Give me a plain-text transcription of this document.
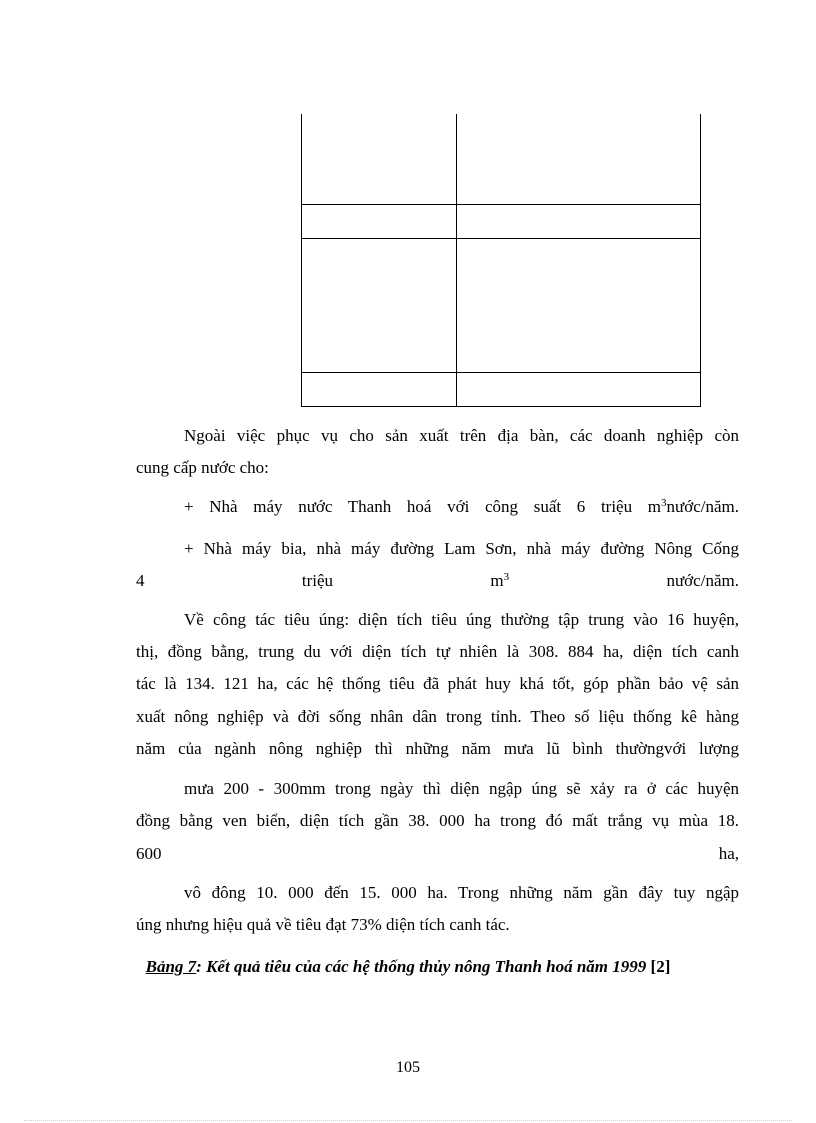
Ngoài việc phục vụ cho sản xuất trên địa bàn, các doanh nghiệp còn
cung cấp nước cho:
+ Nhà máy nước Thanh hoá với công suất 6 triệu $m^3nước$/năm.
+ Nhà máy bia, nhà máy đường Lam Sơn, nhà máy đường Nông Cống
4	triệu	$m^3$	nước/năm.
Về công tác tiêu úng: diện tích tiêu úng thường tập trung vào 16 huyện,
thị, đồng bằng, trung du với diện tích tự nhiên là 308. 884 ha, diện tích canh
tác là 134. 121 ha, các hệ thống tiêu đã phát huy khá tốt, góp phần bảo vệ sản
xuất nông nghiệp và đời sống nhân dân trong tỉnh. Theo số liệu thống kê hàng
năm của ngành nông nghiệp thì những năm mưa lũ bình thườngvới lượng
mưa 200 - 300mm trong ngày thì diện ngập úng sẽ xảy ra ở các huyện
đồng bằng ven biển, diện tích gần 38. 000 ha trong đó mất trắng vụ mùa 18.
600	ha,
vô đông 10. 000 đến 15. 000 ha. Trong những năm gần đây tuy ngập
úng nhưng hiệu quả về tiêu đạt 73% diện tích canh tác.
Bảng 7: Kết quả tiêu của các hệ thống thủy nông Thanh hoá năm 1999 [2]
105
